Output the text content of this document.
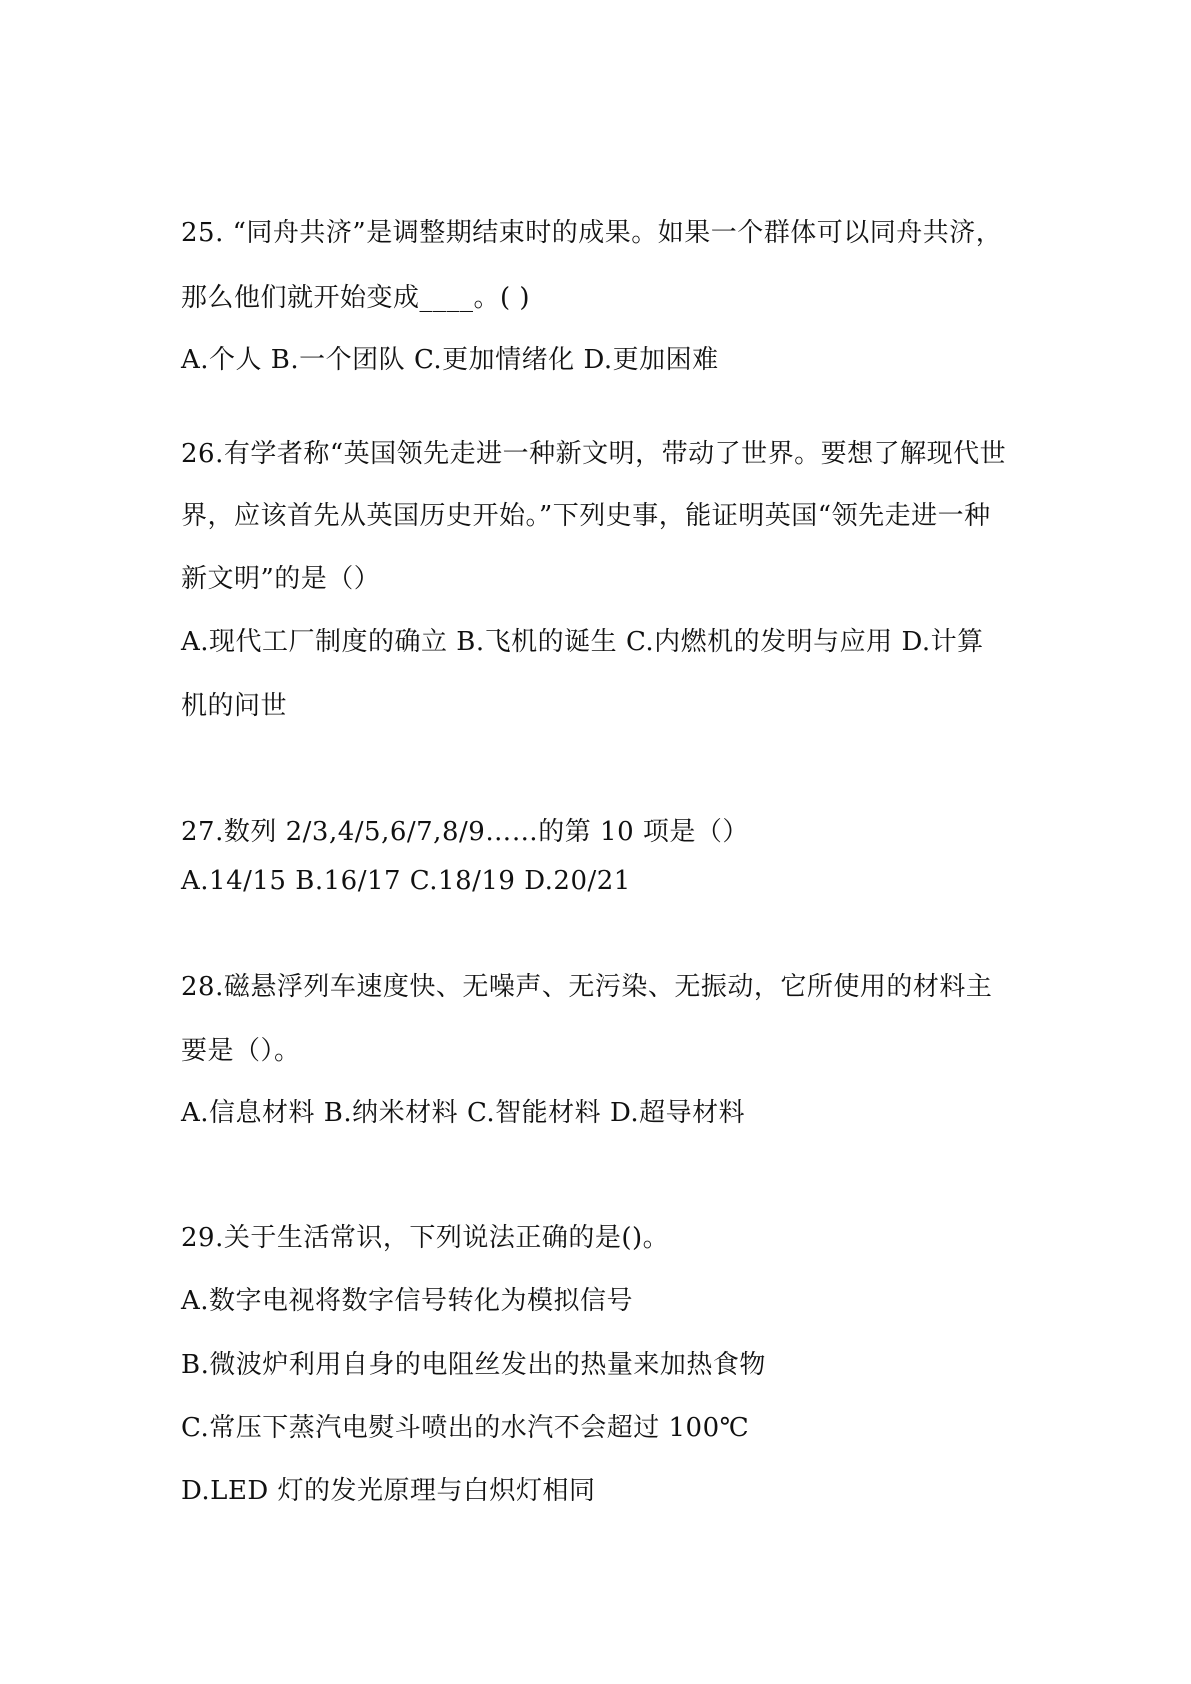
25. “同舟共济”是调整期结束时的成果。如果一个群体可以同舟共济，
那么他们就开始变成____。( )
A.个人 B.一个团队 C.更加情绪化 D.更加困难
26.有学者称“英国领先走进一种新文明，带动了世界。要想了解现代世
界，应该首先从英国历史开始。”下列史事，能证明英国“领先走进一种
新文明”的是（）
A.现代工厂制度的确立 B.飞机的诞生 C.内燃机的发明与应用 D.计算
机的问世
27.数列 2/3,4/5,6/7,8/9……的第 10 项是（）
A.14/15 B.16/17 C.18/19 D.20/21
28.磁悬浮列车速度快、无噪声、无污染、无振动，它所使用的材料主
要是（）。
A.信息材料 B.纳米材料 C.智能材料 D.超导材料
29.关于生活常识，下列说法正确的是()。
A.数字电视将数字信号转化为模拟信号
B.微波炉利用自身的电阻丝发出的热量来加热食物
C.常压下蒸汽电熨斗喷出的水汽不会超过 100℃
D.LED 灯的发光原理与白炽灯相同
